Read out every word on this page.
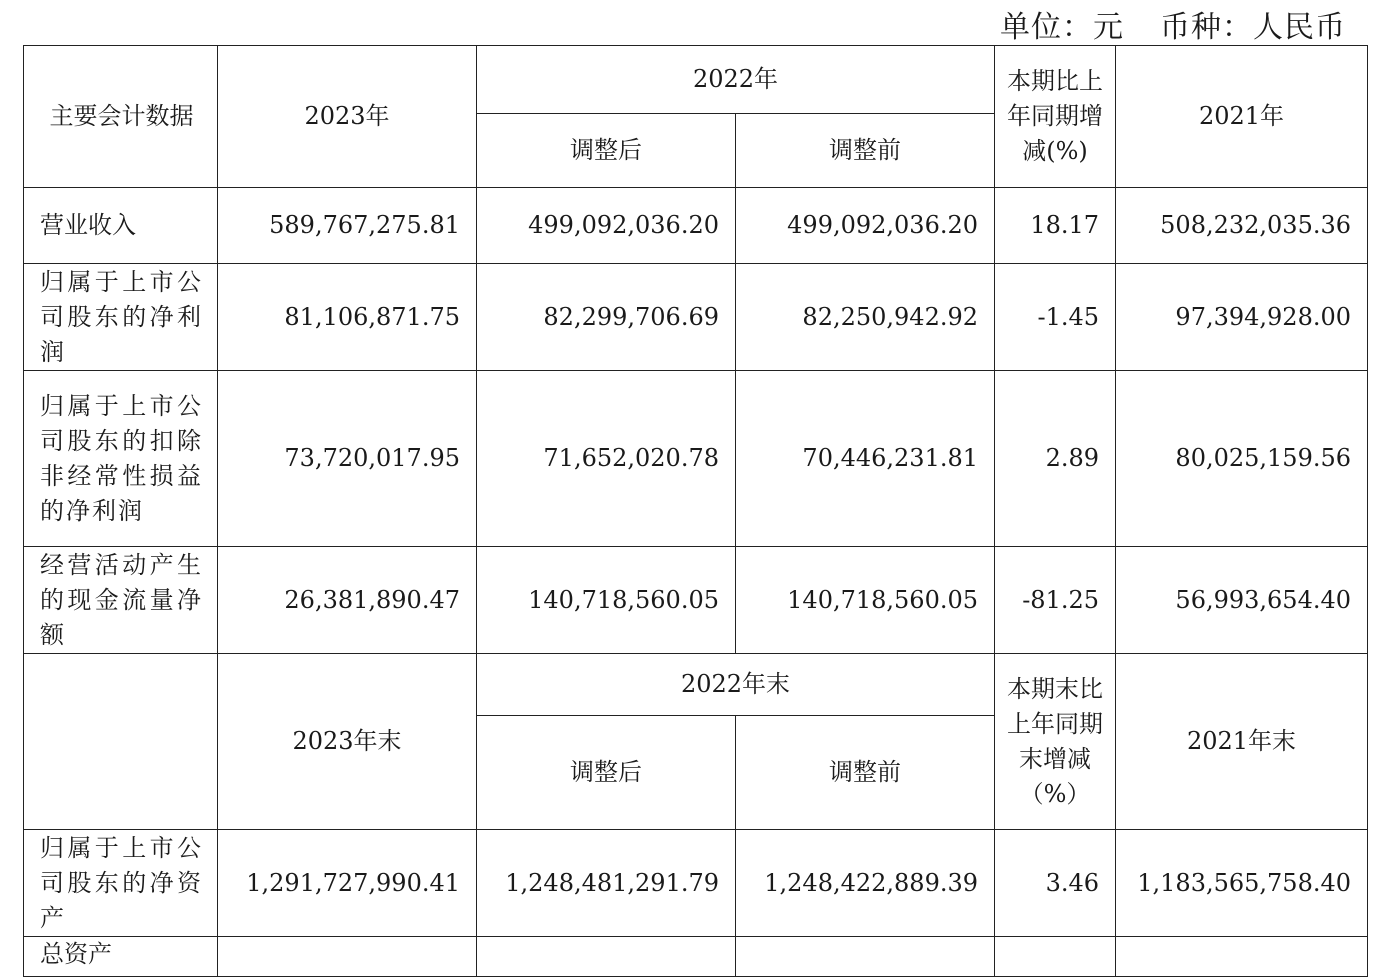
单位：元 币种：人民币
主要会计数据	2023年	2022年		本期比上年同期增减(%)	2021年
		调整后	调整前		
营业收入	589,767,275.81	499,092,036.20	499,092,036.20	18.17	508,232,035.36
归属于上市公司股东的净利润	81,106,871.75	82,299,706.69	82,250,942.92	-1.45	97,394,928.00
归属于上市公司股东的扣除非经常性损益的净利润	73,720,017.95	71,652,020.78	70,446,231.81	2.89	80,025,159.56
经营活动产生的现金流量净额	26,381,890.47	140,718,560.05	140,718,560.05	-81.25	56,993,654.40
	2023年末	2022年末		本期末比上年同期末增减（%）	2021年末
		调整后	调整前		
归属于上市公司股东的净资产	1,291,727,990.41	1,248,481,291.79	1,248,422,889.39	3.46	1,183,565,758.40
总资产					
